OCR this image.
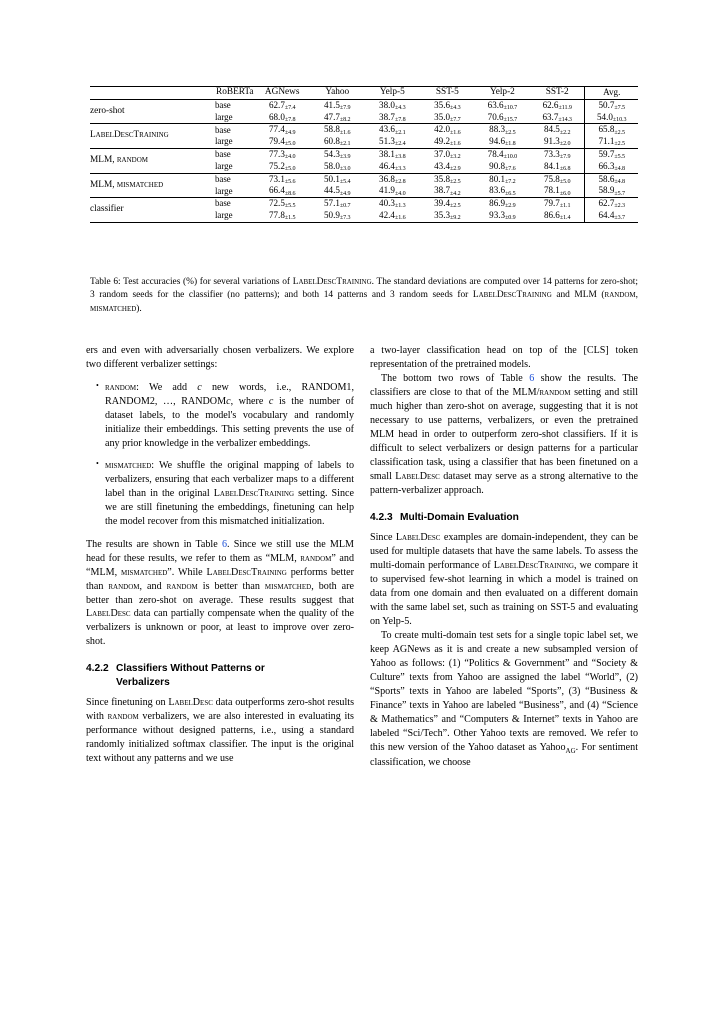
	RoBERTa	AGNews	Yahoo	Yelp-5	SST-5	Yelp-2	SST-2	Avg.
zero-shot	base	62.7±7.4	41.5±7.9	38.0±4.3	35.6±4.3	63.6±10.7	62.6±11.9	50.7±7.5
	large	68.0±7.8	47.7±8.2	38.7±7.8	35.0±7.7	70.6±15.7	63.7±14.3	54.0±10.3
LabelDescTraining	base	77.4±4.9	58.8±1.6	43.6±2.1	42.0±1.6	88.3±2.5	84.5±2.2	65.8±2.5
	large	79.4±5.0	60.8±2.1	51.3±2.4	49.2±1.6	94.6±1.8	91.3±2.0	71.1±2.5
MLM, random	base	77.3±4.0	54.3±3.9	38.1±3.8	37.0±3.2	78.4±10.0	73.3±7.9	59.7±5.5
	large	75.2±5.0	58.0±3.0	46.4±3.3	43.4±2.9	90.8±7.6	84.1±6.8	66.3±4.8
MLM, mismatched	base	73.1±5.6	50.1±5.4	36.8±2.8	35.8±2.5	80.1±7.2	75.8±5.0	58.6±4.8
	large	66.4±8.6	44.5±4.9	41.9±4.0	38.7±4.2	83.6±6.5	78.1±6.0	58.9±5.7
classifier	base	72.5±5.5	57.1±0.7	40.3±1.3	39.4±2.5	86.9±2.9	79.7±1.1	62.7±2.3
	large	77.8±1.5	50.9±7.3	42.4±1.6	35.3±9.2	93.3±0.9	86.6±1.4	64.4±3.7

Table 6: Test accuracies (%) for several variations of LabelDescTraining. The standard deviations are computed over 14 patterns for zero-shot; 3 random seeds for the classifier (no patterns); and both 14 patterns and 3 random seeds for LabelDescTraining and MLM (random, mismatched).

ers and even with adversarially chosen verbalizers. We explore two different verbalizer settings:

• random: We add c new words, i.e., RANDOM1, RANDOM2, …, RANDOMc, where c is the number of dataset labels, to the model's vocabulary and randomly initialize their embeddings. This setting prevents the use of any prior knowledge in the verbalizer embeddings.
• mismatched: We shuffle the original mapping of labels to verbalizers, ensuring that each verbalizer maps to a different label than in the original LabelDescTraining setting. Since we are still finetuning the embeddings, finetuning can help the model recover from this mismatched initialization.

The results are shown in Table 6. Since we still use the MLM head for these results, we refer to them as “MLM, random” and “MLM, mismatched”. While LabelDescTraining performs better than random, and random is better than mismatched, both are better than zero-shot on average. These results suggest that LabelDesc data can partially compensate when the quality of the verbalizers is unknown or poor, at least to improve over zero-shot.

4.2.2 Classifiers Without Patterns or
Verbalizers

Since finetuning on LabelDesc data outperforms zero-shot results with random verbalizers, we are also interested in evaluating its performance without designed patterns, i.e., using a standard randomly initialized softmax classifier. The input is the original text without any patterns and we use

a two-layer classification head on top of the [CLS] token representation of the pretrained models.

The bottom two rows of Table 6 show the results. The classifiers are close to that of the MLM/random setting and still much higher than zero-shot on average, suggesting that it is not necessary to use patterns, verbalizers, or even the pretrained MLM head in order to outperform zero-shot classifiers. If it is difficult to select verbalizers or design patterns for a particular classification task, using a classifier that has been finetuned on a small LabelDesc dataset may serve as a strong alternative to the pattern-verbalizer approach.

4.2.3 Multi-Domain Evaluation

Since LabelDesc examples are domain-independent, they can be used for multiple datasets that have the same labels. To assess the multi-domain performance of LabelDescTraining, we compare it to supervised few-shot learning in which a model is trained on data from one domain and then evaluated on a different domain with the same label set, such as training on SST-5 and evaluating on Yelp-5.

To create multi-domain test sets for a single topic label set, we keep AGNews as it is and create a new subsampled version of Yahoo as follows: (1) “Politics & Government” and “Society & Culture” texts from Yahoo are assigned the label “World”, (2) “Sports” texts in Yahoo are labeled “Sports”, (3) “Business & Finance” texts in Yahoo are labeled “Business”, and (4) “Science & Mathematics” and “Computers & Internet” texts in Yahoo are labeled “Sci/Tech”. Other Yahoo texts are removed. We refer to this new version of the Yahoo dataset as Yahoo$_{AG}$. For sentiment classification, we choose
